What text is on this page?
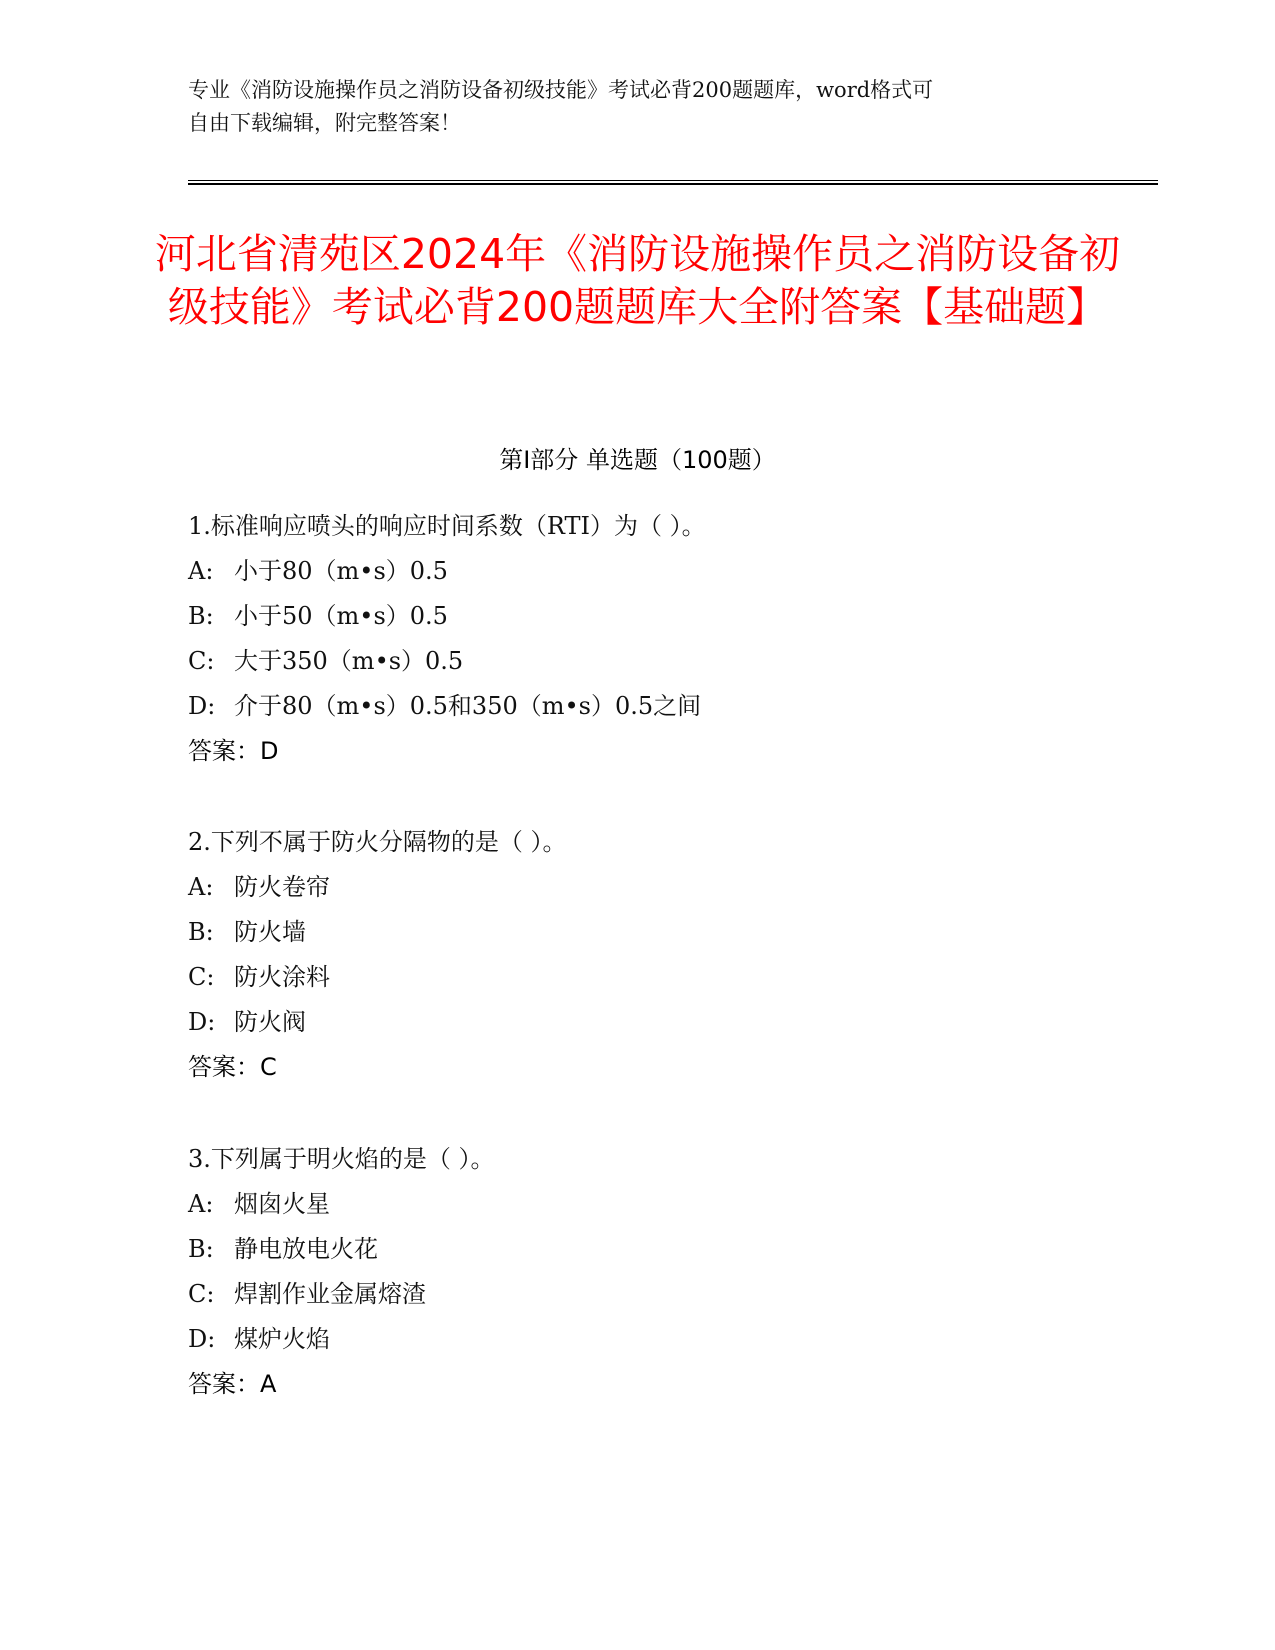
专业《消防设施操作员之消防设备初级技能》考试必背200题题库，word格式可
自由下载编辑，附完整答案！
河北省清苑区2024年《消防设施操作员之消防设备初级技能》考试必背200题题库大全附答案【基础题】
第Ⅰ部分 单选题（100题）
1.标准响应喷头的响应时间系数（RTI）为（ ）。
A: 小于80（m•s）0.5
B: 小于50（m•s）0.5
C: 大于350（m•s）0.5
D: 介于80（m•s）0.5和350（m•s）0.5之间
答案：D
2.下列不属于防火分隔物的是（ ）。
A: 防火卷帘
B: 防火墙
C: 防火涂料
D: 防火阀
答案：C
3.下列属于明火焰的是（ ）。
A: 烟囱火星
B: 静电放电火花
C: 焊割作业金属熔渣
D: 煤炉火焰
答案：A
